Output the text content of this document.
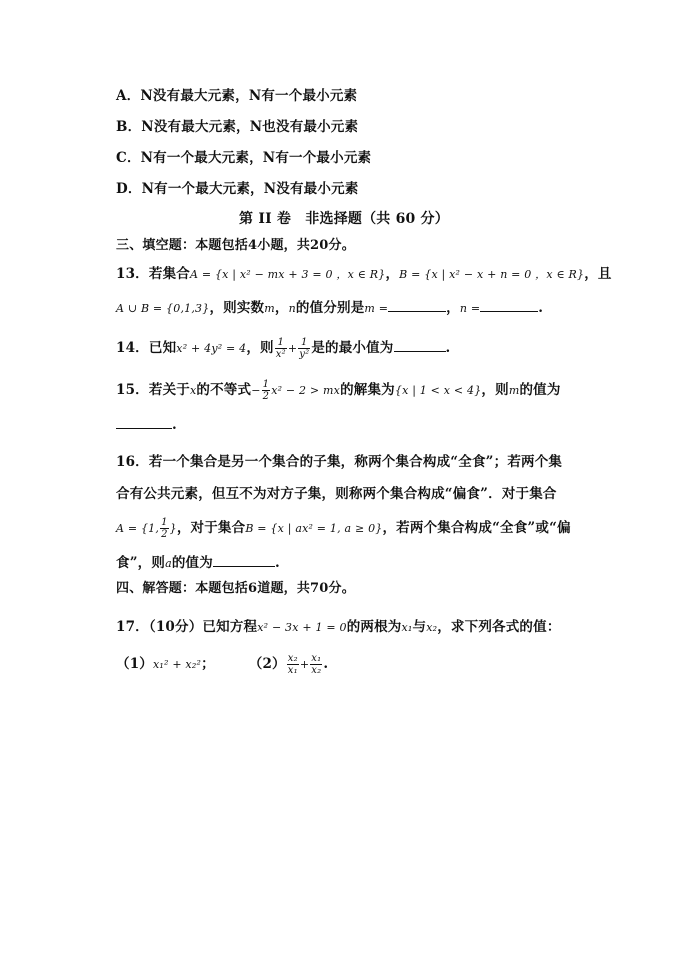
A．N没有最大元素，N有一个最小元素
B．N没有最大元素，N也没有最小元素
C．N有一个最大元素，N有一个最小元素
D．N有一个最大元素，N没有最小元素
第 II 卷　非选择题（共 60 分）
三、填空题：本题包括4小题，共20分。
13．若集合A = {x | x² − mx + 3 = 0 ，x ∈ R}，B = {x | x² − x + n = 0 ，x ∈ R}，且
A ∪ B = {0,1,3}，则实数m，n的值分别是m =	，n =	.
14．已知x² + 4y² = 4，则 $\frac{1}{\text{x²}} + \frac{1}{\text{y²}}$ 是的最小值为	.
15．若关于x的不等式− $\frac{1}{2} x^2 - 2$ > mx的解集为{x | 1 < x < 4}，则m的值为
.
16．若一个集合是另一个集合的子集，称两个集合构成“全食”；若两个集
合有公共元素，但互不为对方子集，则称两个集合构成“偏食”．对于集合
A = {1, $\frac{1}{2}$ }，对于集合B = {x | ax² = 1, a ≥ 0}，若两个集合构成“全食”或“偏
食”，则a的值为	.
四、解答题：本题包括6道题，共70分。
17．（10分）已知方程x² − 3x + 1 = 0的两根为x₁与x₂，求下列各式的值：
（1）x₁² + x₂²；	$(2) \frac{\text{x₂}}{\text{x₁}} + \frac{\text{x₁}}{\text{x₂}}$ .
